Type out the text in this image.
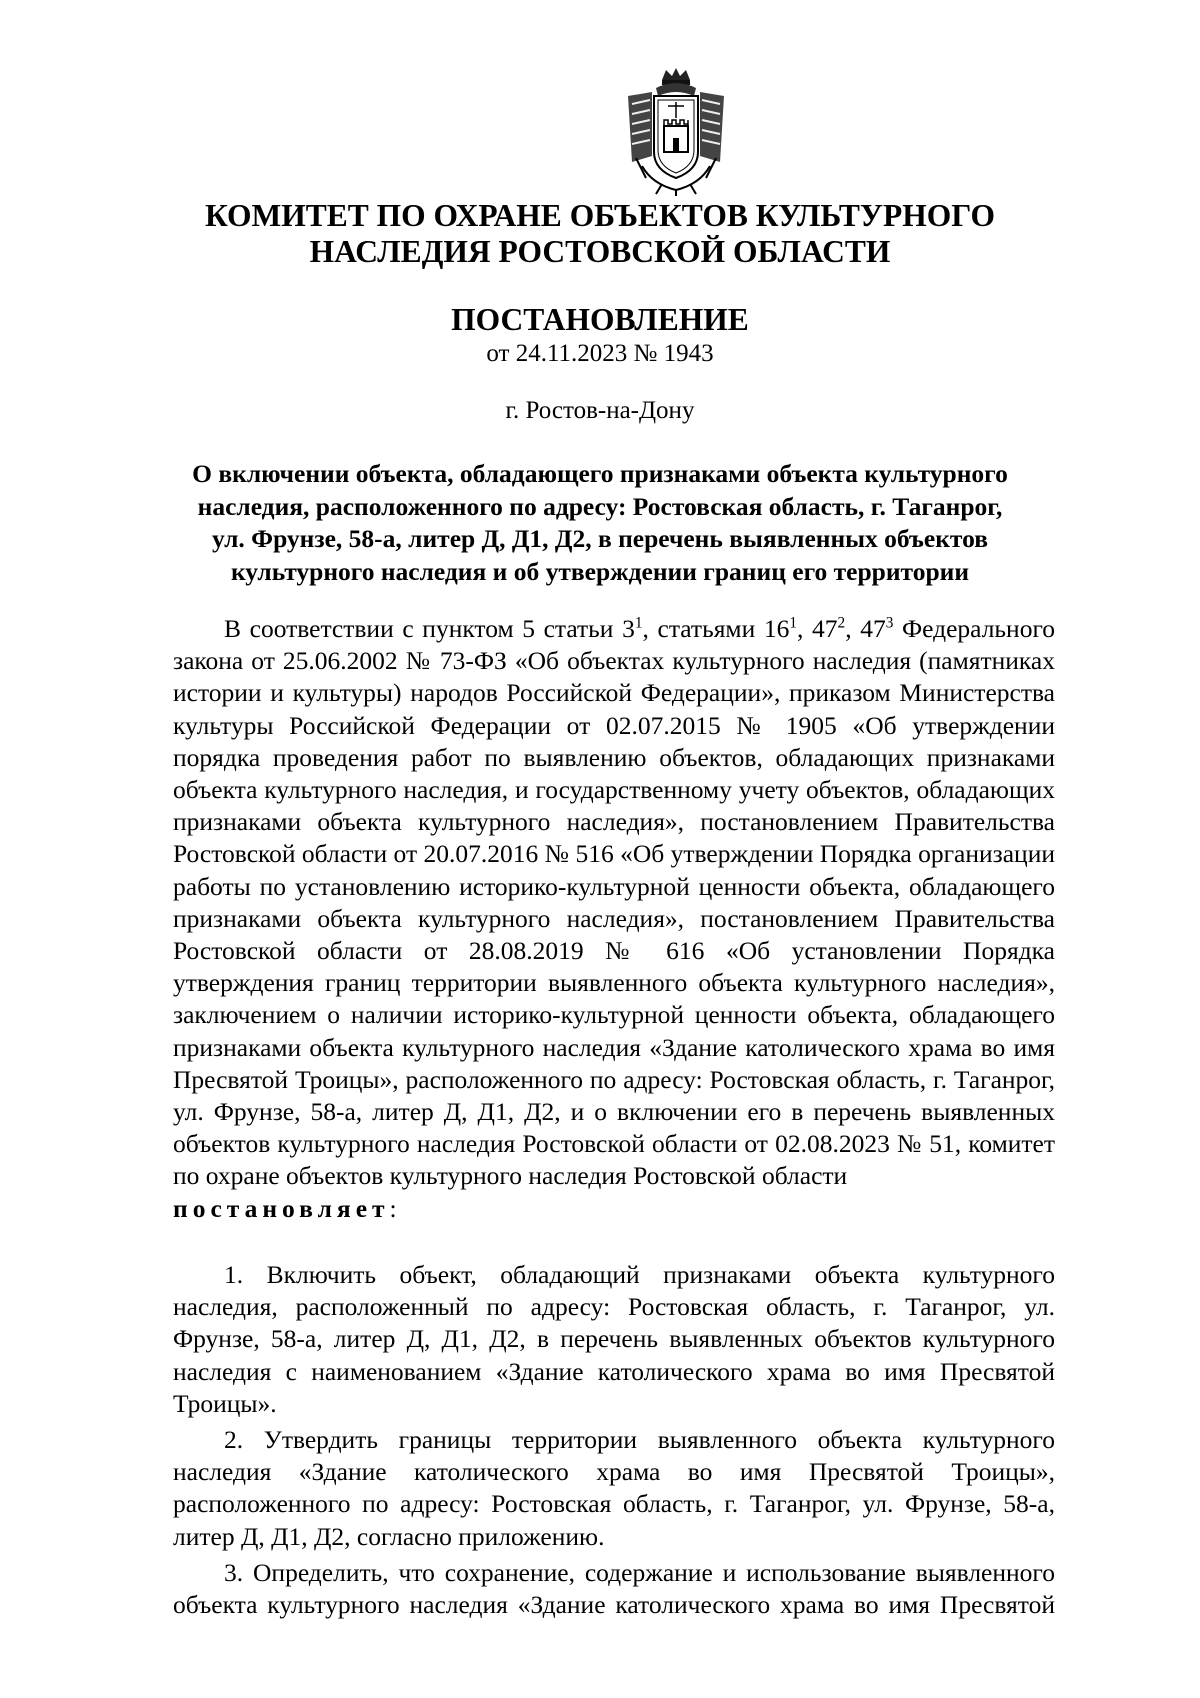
КОМИТЕТ ПО ОХРАНЕ ОБЪЕКТОВ КУЛЬТУРНОГО
НАСЛЕДИЯ РОСТОВСКОЙ ОБЛАСТИ
ПОСТАНОВЛЕНИЕ
от 24.11.2023 № 1943
г. Ростов-на-Дону
О включении объекта, обладающего признаками объекта культурного
наследия, расположенного по адресу: Ростовская область, г. Таганрог,
ул. Фрунзе, 58-а, литер Д, Д1, Д2, в перечень выявленных объектов
культурного наследия и об утверждении границ его территории

В соответствии с пунктом 5 статьи $3^1$, статьями $16^1$, $47^2$, $47^3$ Федерального закона от 25.06.2002 № 73-ФЗ «Об объектах культурного наследия (памятниках истории и культуры) народов Российской Федерации», приказом Министерства культуры Российской Федерации от 02.07.2015 № 1905 «Об утверждении порядка проведения работ по выявлению объектов, обладающих признаками объекта культурного наследия, и государственному учету объектов, обладающих признаками объекта культурного наследия», постановлением Правительства Ростовской области от 20.07.2016 № 516 «Об утверждении Порядка организации работы по установлению историко-культурной ценности объекта, обладающего признаками объекта культурного наследия», постановлением Правительства Ростовской области от 28.08.2019 № 616 «Об установлении Порядка утверждения границ территории выявленного объекта культурного наследия», заключением о наличии историко-культурной ценности объекта, обладающего признаками объекта культурного наследия «Здание католического храма во имя Пресвятой Троицы», расположенного по адресу: Ростовская область, г. Таганрог, ул. Фрунзе, 58-а, литер Д, Д1, Д2, и о включении его в перечень выявленных объектов культурного наследия Ростовской области от 02.08.2023 № 51, комитет по охране объектов культурного наследия Ростовской области

постановляет:

1. Включить объект, обладающий признаками объекта культурного наследия, расположенный по адресу: Ростовская область, г. Таганрог, ул. Фрунзе, 58-а, литер Д, Д1, Д2, в перечень выявленных объектов культурного наследия с наименованием «Здание католического храма во имя Пресвятой Троицы».

2. Утвердить границы территории выявленного объекта культурного наследия «Здание католического храма во имя Пресвятой Троицы», расположенного по адресу: Ростовская область, г. Таганрог, ул. Фрунзе, 58-а, литер Д, Д1, Д2, согласно приложению.

3. Определить, что сохранение, содержание и использование выявленного объекта культурного наследия «Здание католического храма во имя Пресвятой
